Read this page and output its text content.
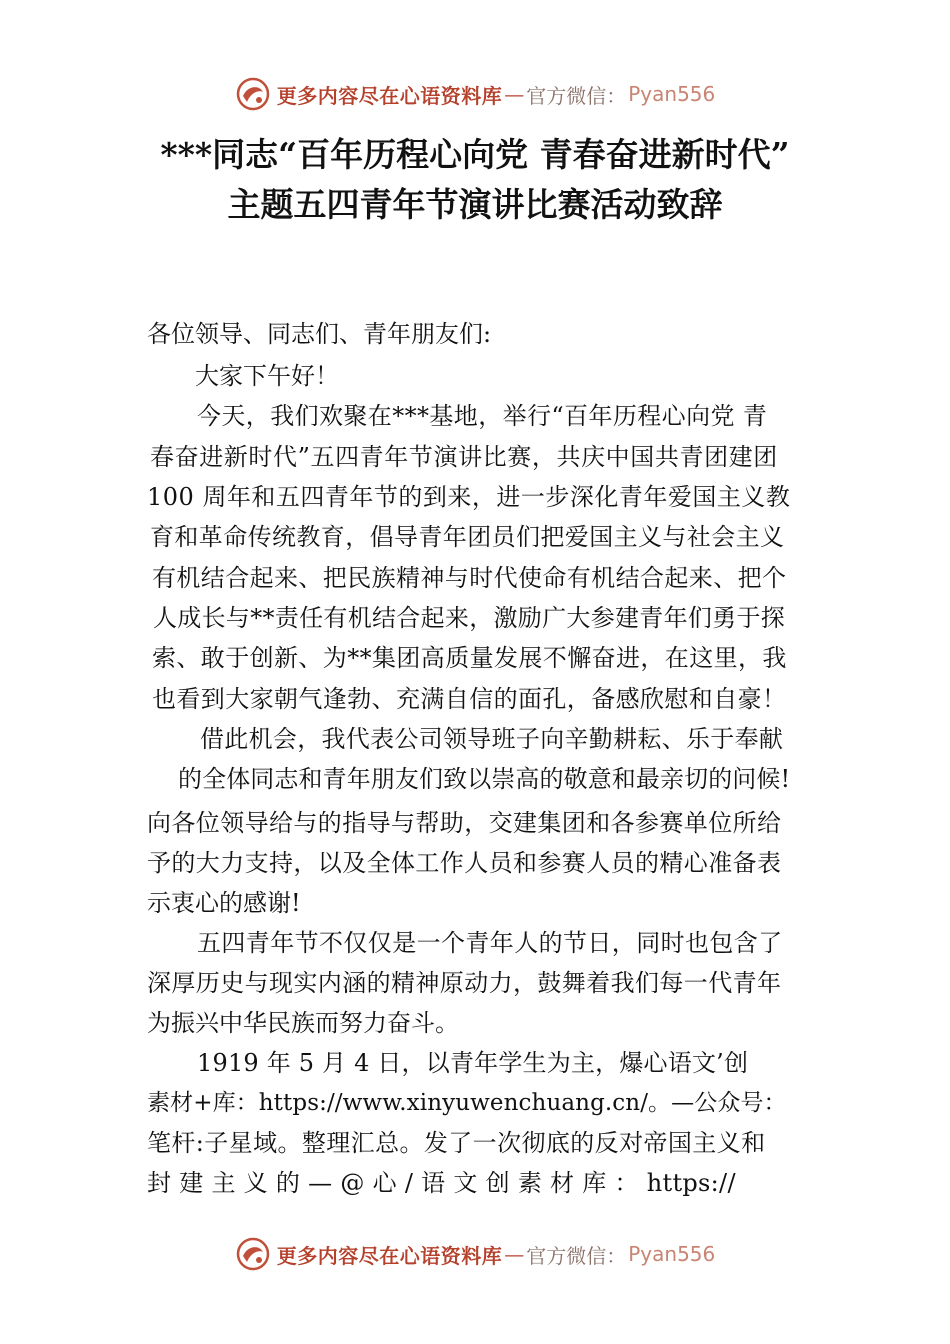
更多内容尽在心语资料库 — 官方微信： Pyan556
***同志“百年历程心向党 青春奋进新时代”
主题五四青年节演讲比赛活动致辞
各位领导、同志们、青年朋友们:
大家下午好！
今天，我们欢聚在***基地，举行“百年历程心向党 青
春奋进新时代”五四青年节演讲比赛，共庆中国共青团建团
100 周年和五四青年节的到来，进一步深化青年爱国主义教
育和革命传统教育，倡导青年团员们把爱国主义与社会主义
有机结合起来、把民族精神与时代使命有机结合起来、把个
人成长与**责任有机结合起来，激励广大参建青年们勇于探
索、敢于创新、为**集团高质量发展不懈奋进，在这里，我
也看到大家朝气逢勃、充满自信的面孔，备感欣慰和自豪！
借此机会，我代表公司领导班子向辛勤耕耘、乐于奉献
的全体同志和青年朋友们致以崇高的敬意和最亲切的问候!
向各位领导给与的指导与帮助，交建集团和各参赛单位所给
予的大力支持，以及全体工作人员和参赛人员的精心准备表
示衷心的感谢!
五四青年节不仅仅是一个青年人的节日，同时也包含了
深厚历史与现实内涵的精神原动力，鼓舞着我们每一代青年
为振兴中华民族而努力奋斗。
1919 年 5 月 4 日，以青年学生为主，爆心语文’创
素材+库：https://www.xinyuwenchuang.cn/。—公众号：
笔杆:子星域。整理汇总。发了一次彻底的反对帝国主义和
封 建 主 义 的 — @ 心 / 语 文 创 素 材 库 ： https://
更多内容尽在心语资料库 — 官方微信： Pyan556
